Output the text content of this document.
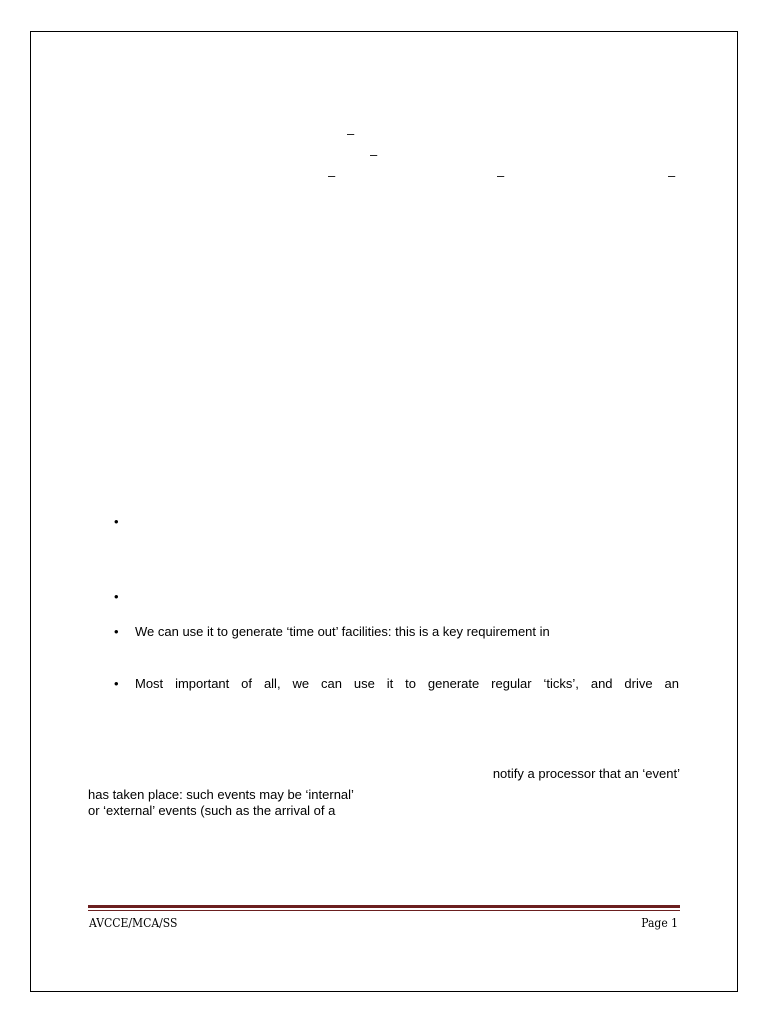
–
–
–	–	–
•
•
• We can use it to generate ‘time out’ facilities: this is a key requirement in
• Most important of all, we can use it to generate regular ‘ticks’, and drive an
notify a processor that an ‘event’
has taken place: such events may be ‘internal’
or ‘external’ events (such as the arrival of a
AVCCE/MCA/SS	Page 1
